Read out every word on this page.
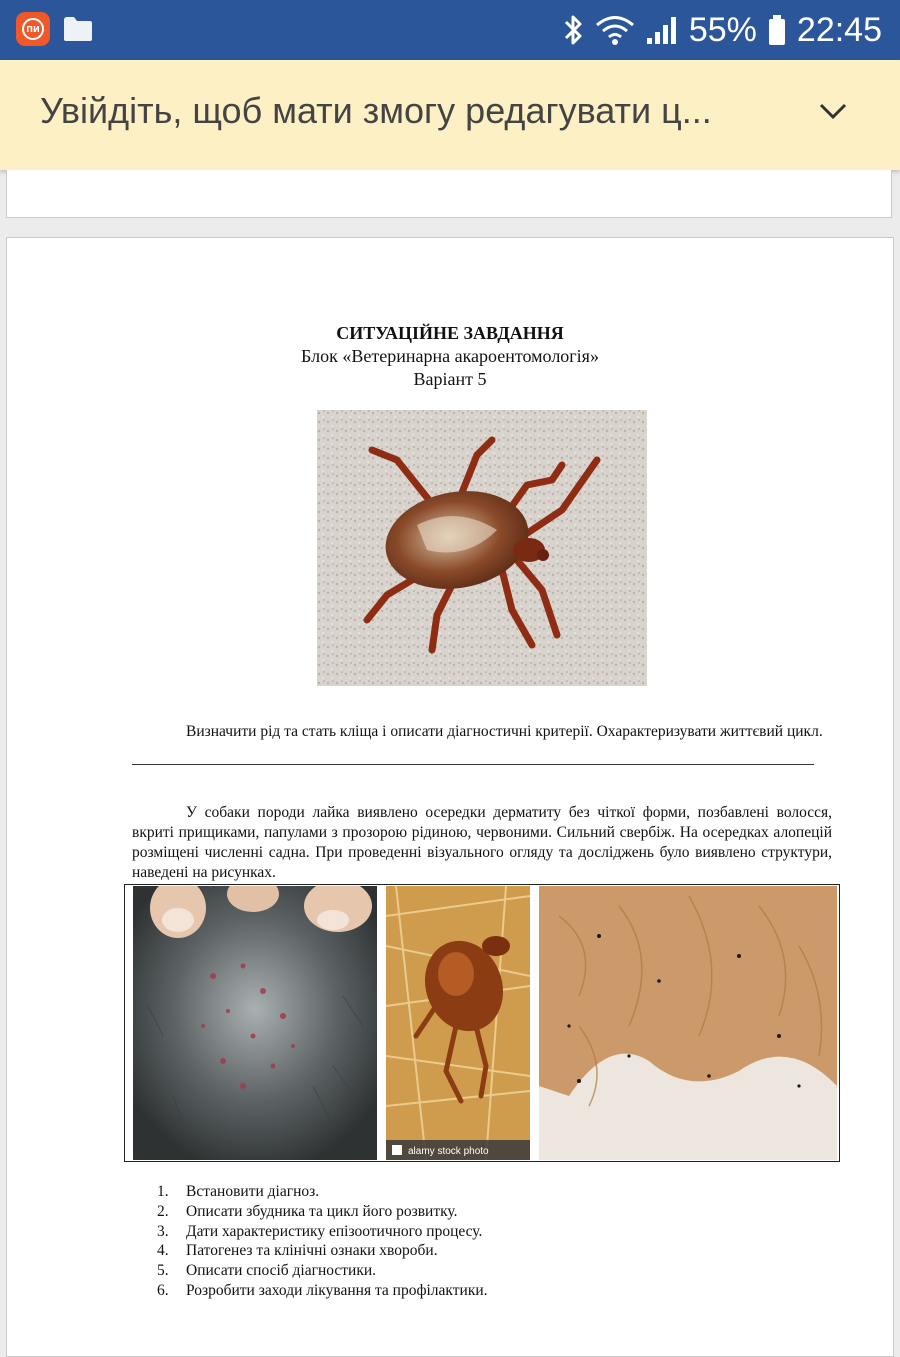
ПИ	55% 22:45
Увійдіть, щоб мати змогу редагувати ц...
СИТУАЦІЙНЕ ЗАВДАННЯ
Блок «Ветеринарна акароентомологія»
Варіант 5

Визначити рід та стать кліща і описати діагностичні критерії. Охарактеризувати життєвий цикл.

У собаки породи лайка виявлено осередки дерматиту без чіткої форми, позбавлені волосся, вкриті прищиками, папулами з прозорою рідиною, червоними. Сильний свербіж. На осередках алопецій розміщені численні садна. При проведенні візуального огляду та досліджень було виявлено структури, наведені на рисунках.

alamy stock photo
1.	Встановити діагноз.
2.	Описати збудника та цикл його розвитку.
3.	Дати характеристику епізоотичного процесу.
4.	Патогенез та клінічні ознаки хвороби.
5.	Описати спосіб діагностики.
6.	Розробити заходи лікування та профілактики.
